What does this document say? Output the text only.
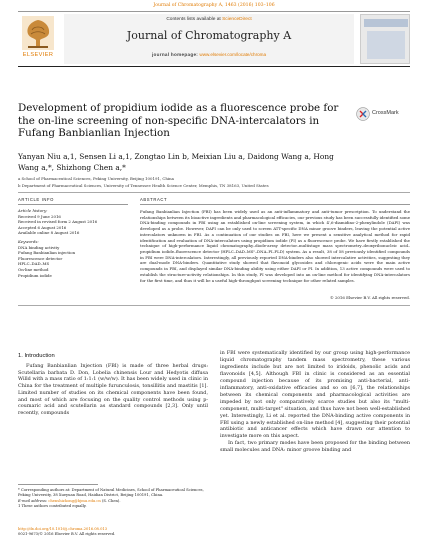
Journal of Chromatography A, 1463 (2016) 103–106
ELSEVIER
Contents lists available at ScienceDirect
Journal of Chromatography A
journal homepage: www.elsevier.com/locate/chroma
Development of propidium iodide as a fluorescence probe for the on-line screening of non-specific DNA-intercalators in Fufang Banbianlian Injection
CrossMark
Yanyan Niu a,1, Sensen Li a,1, Zongtao Lin b, Meixian Liu a, Daidong Wang a, Hong Wang a,*, Shizhong Chen a,*
a School of Pharmaceutical Sciences, Peking University, Beijing 100191, China
b Department of Pharmaceutical Sciences, University of Tennessee Health Science Center, Memphis, TN 38163, United States
ARTICLE INFO	ABSTRACT
Article history:
Received 9 June 2016
Received in revised form 2 August 2016
Accepted 6 August 2016
Available online 8 August 2016
Keywords:
DNA binding activity
Fufang Banbianlian injection
Fluorescence detector
HPLC–DAD–MS
On-line method
Propidium iodide
Fufang Banbianlian Injection (FBI) has been widely used as an anti-inflammatory and anti-tumor prescription. To understand the relationships between its bioactive ingredients and pharmacological efficacies, our previous study has been successfully identified some DNA-binding compounds in FBI using an established on-line screening system, in which 4′,6-diamidino-2-phenylindole (DAPI) was developed as a probe. However, DAPI can be only used to screen ATT-specific DNA minor groove binders, leaving the potential active intercalators unknown in FBI. As a continuation of our studies on FBI, here we present a sensitive analytical method for rapid identification and evaluation of DNA-intercalators using propidium iodide (PI) as a fluorescence probe. We have firstly established the technique of high-performance liquid chromatography–diode-array detector–multistage mass spectrometry–deoxyribonucleic acid–propidium iodide–fluorescence detector (HPLC–DAD–MSⁿ–DNA–PI–FLD) system. As a result, 38 of 58 previously identified compounds in FBI were DNA-intercalators. Interestingly, all previously reported DNA-binders also showed intercalative activities, suggesting they are dual-mode DNA-binders. Quantitative study showed that flavonoid glycosides and chlorogenic acids were the main active compounds in FBI, and displayed similar DNA-binding ability using either DAPI or PI. In addition, 13 active compounds were used to establish the structure-activity relationships. In this study, PI was developed into an on-line method for identifying DNA-intercalators for the first time, and thus it will be a useful high-throughput screening technique for other related samples.
© 2016 Elsevier B.V. All rights reserved.
1. Introduction

Fufang Banbianlian Injection (FBI) is made of three herbal drugs: Scutellaria barbata D. Don, Lobelia chinensis Lour and Hedyotis diffusa Willd with a mass ratio of 1:1:1 (w/w/w). It has been widely used in clinic in China for the treatment of multiple furunculosis, tonsillitis and mastitis [1]. Limited number of studies on its chemical components have been found, and most of which are focusing on the quality control methods using p-coumaric acid and scutellarin as standard compounds [2,3]. Only until recently, compounds

in FBI were systematically identified by our group using high-performance liquid chromatography tandem mass spectrometry, these various ingredients include but are not limited to iridoids, phenolic acids and flavonoids [4,5]. Although FBI in clinic is considered as an essential compound injection because of its promising anti-bacterial, anti-inflammatory, anti-oxidative efficacies and so on [6,7], the relationships between its chemical components and pharmacological activities are impeded by not only comparatively scarce studies but also its "multi-component, multi-target" situation, and thus have not been well-established yet. Interestingly, Li et al. reported the DNA-binding active components in FBI using a newly established on-line method [4], suggesting their potential antibiotic and anticancer effects which have drawn our attention to investigate more on this aspect.

In fact, two primary modes have been proposed for the binding between small molecules and DNA: minor groove binding and

* Corresponding authors at: Department of Natural Medicines, School of Pharmaceutical Sciences, Peking University, 38 Xueyuan Road, Haidian District, Beijing 100191, China.
E-mail address: chenshizhong@bjmu.edu.cn (S. Chen).
1 These authors contributed equally.
http://dx.doi.org/10.1016/j.chroma.2016.08.013
0021-9673/© 2016 Elsevier B.V. All rights reserved.
